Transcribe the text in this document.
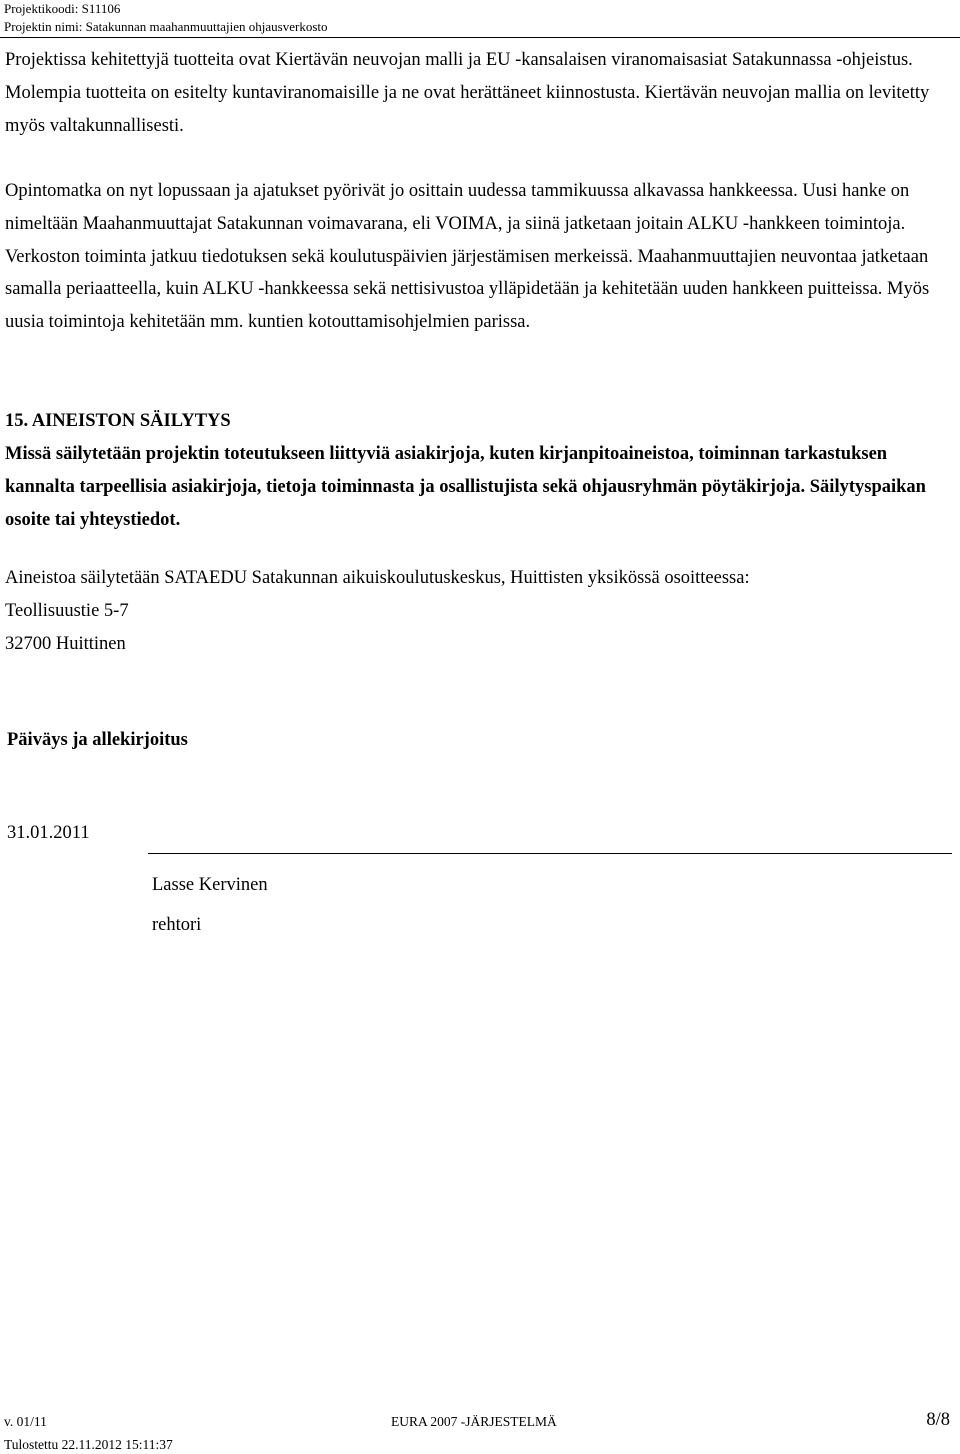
Projektikoodi: S11106
Projektin nimi: Satakunnan maahanmuuttajien ohjausverkosto

Projektissa kehitettyjä tuotteita ovat Kiertävän neuvojan malli ja EU -kansalaisen viranomaisasiat Satakunnassa -ohjeistus. Molempia tuotteita on esitelty kuntaviranomaisille ja ne ovat herättäneet kiinnostusta. Kiertävän neuvojan mallia on levitetty myös valtakunnallisesti.

Opintomatka on nyt lopussaan ja ajatukset pyörivät jo osittain uudessa tammikuussa alkavassa hankkeessa. Uusi hanke on nimeltään Maahanmuuttajat Satakunnan voimavarana, eli VOIMA, ja siinä jatketaan joitain ALKU -hankkeen toimintoja. Verkoston toiminta jatkuu tiedotuksen sekä koulutuspäivien järjestämisen merkeissä. Maahanmuuttajien neuvontaa jatketaan samalla periaatteella, kuin ALKU -hankkeessa sekä nettisivustoa ylläpidetään ja kehitetään uuden hankkeen puitteissa. Myös uusia toimintoja kehitetään mm. kuntien kotouttamisohjelmien parissa.

15. AINEISTON SÄILYTYS

Missä säilytetään projektin toteutukseen liittyviä asiakirjoja, kuten kirjanpitoaineistoa, toiminnan tarkastuksen kannalta tarpeellisia asiakirjoja, tietoja toiminnasta ja osallistujista sekä ohjausryhmän pöytäkirjoja. Säilytyspaikan osoite tai yhteystiedot.

Aineistoa säilytetään SATAEDU Satakunnan aikuiskoulutuskeskus, Huittisten yksikössä osoitteessa:
Teollisuustie 5-7
32700 Huittinen
Päiväys ja allekirjoitus
31.01.2011
Lasse Kervinen
rehtori
v. 01/11	EURA 2007 -JÄRJESTELMÄ	8/8
Tulostettu 22.11.2012 15:11:37
